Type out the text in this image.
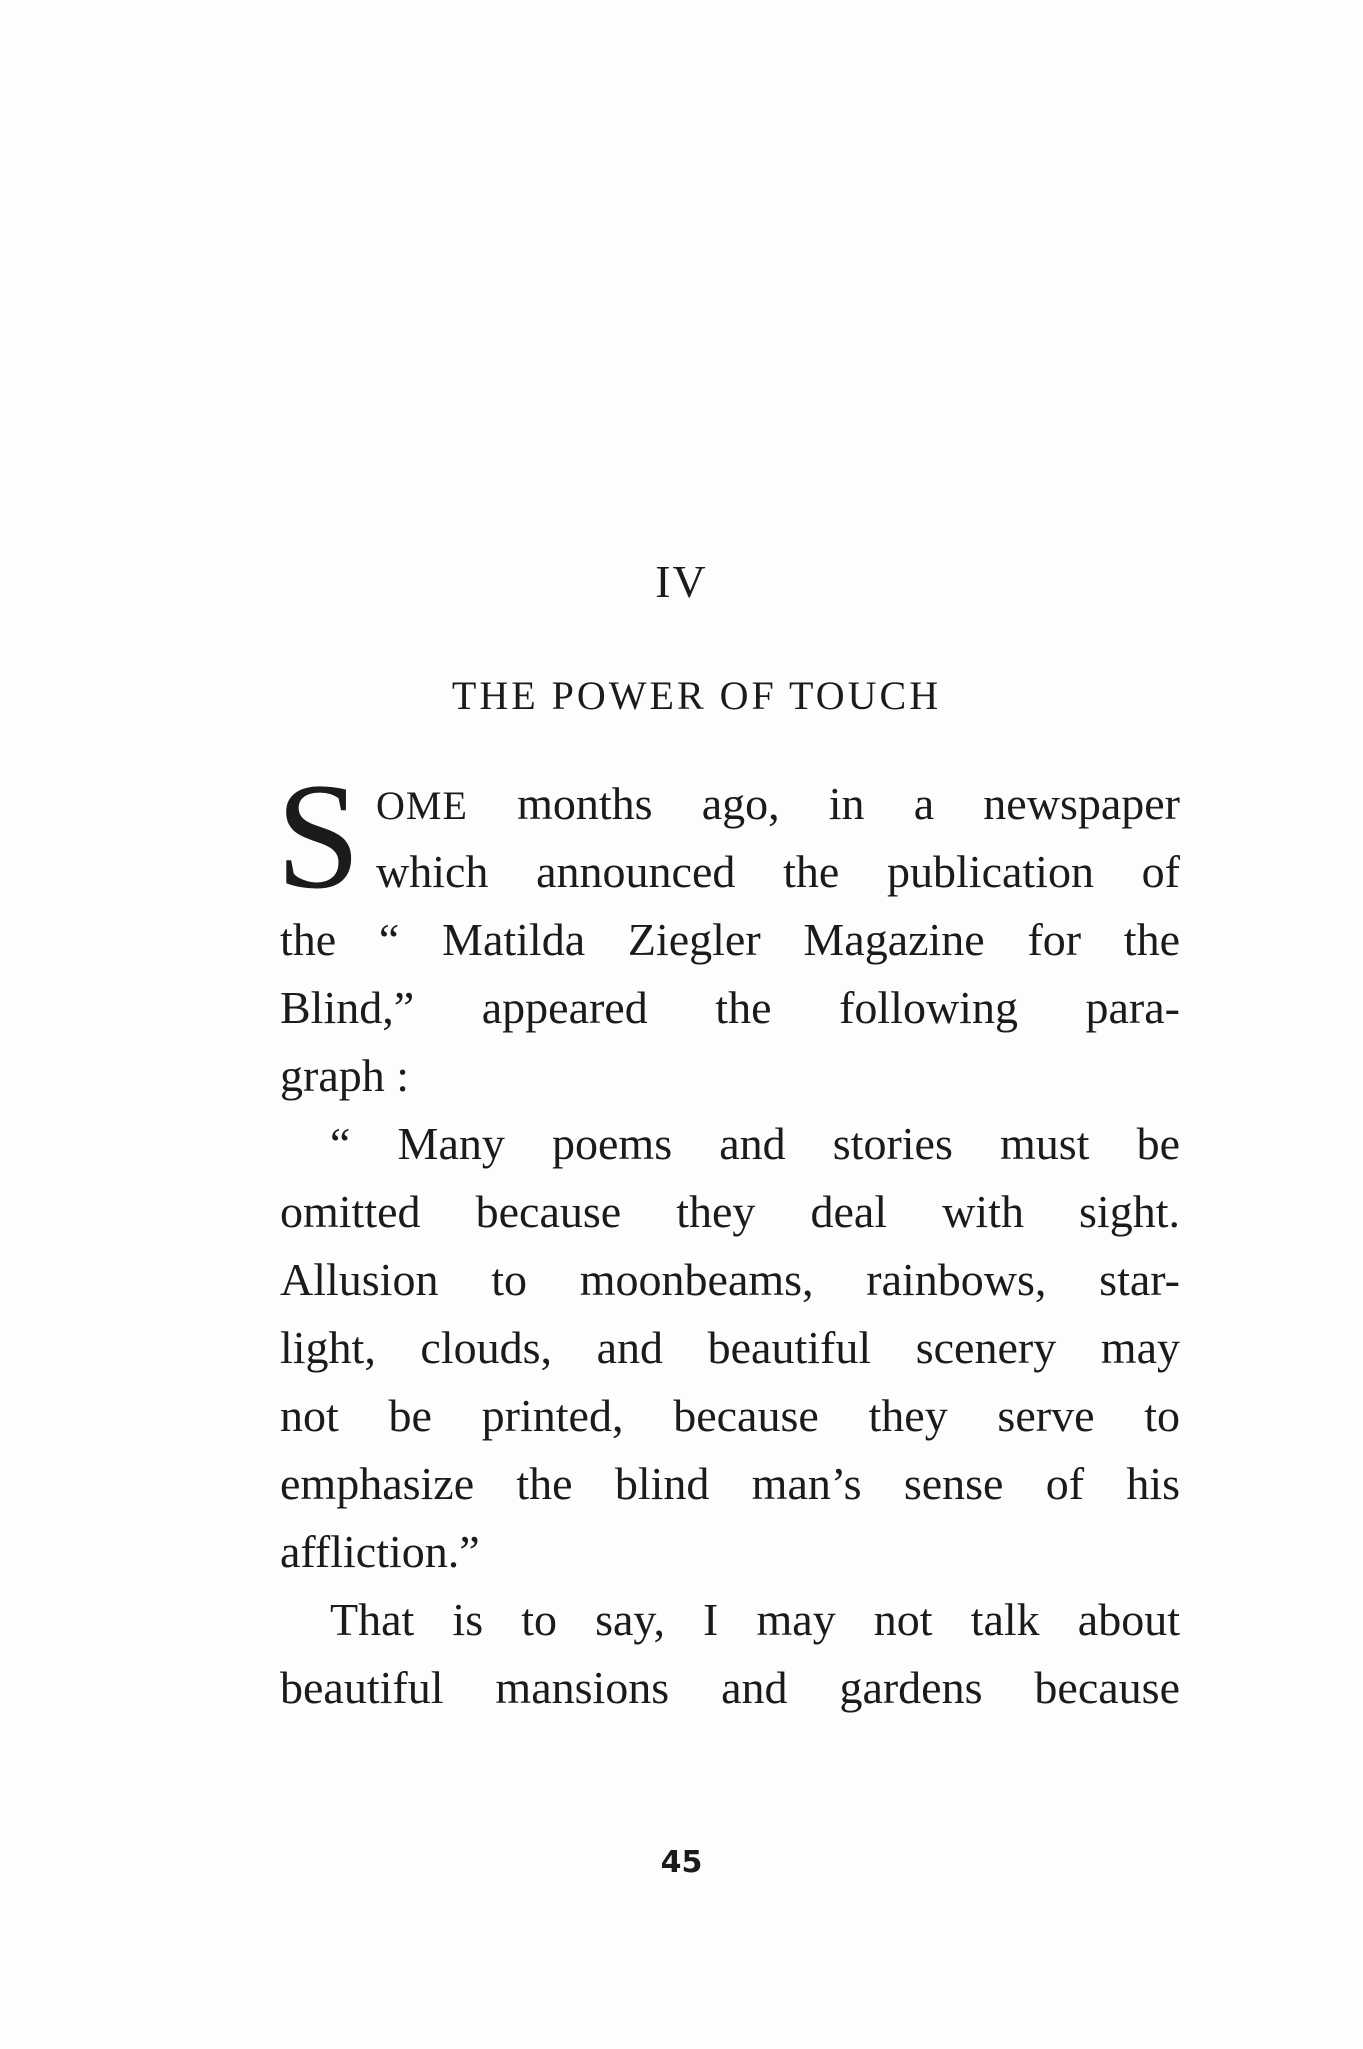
IV
THE POWER OF TOUCH
S OME months ago, in a newspaper
which announced the publication of
the “ Matilda Ziegler Magazine for the
Blind,” appeared the following para-
graph :
“ Many poems and stories must be
omitted because they deal with sight.
Allusion to moonbeams, rainbows, star-
light, clouds, and beautiful scenery may
not be printed, because they serve to
emphasize the blind man’s sense of his
affliction.”
That is to say, I may not talk about
beautiful mansions and gardens because
45
